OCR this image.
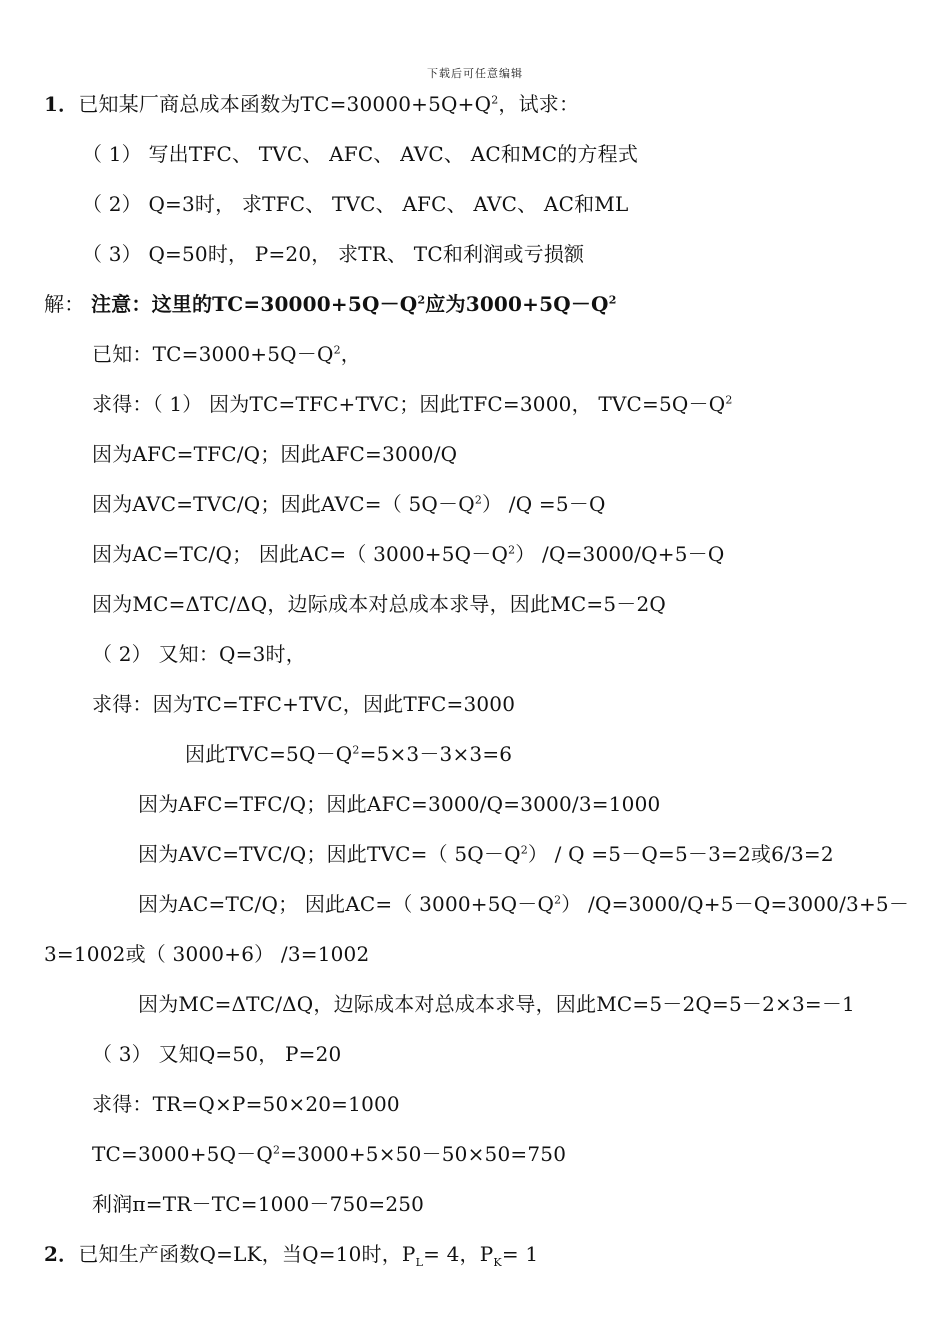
下载后可任意编辑
1．已知某厂商总成本函数为$TC=30000+5Q+Q^2$，试求：
（ 1） 写出TFC、 TVC、 AFC、 AVC、 AC和MC的方程式
（ 2） Q=3时， 求TFC、 TVC、 AFC、 AVC、 AC和ML
（ 3） Q=50时， P=20， 求TR、 TC和利润或亏损额
解： 注意：这里的$TC=30000+5Q-Q^2$应为$3000+5Q-Q^2$
已知：$TC=3000+5Q-Q^2$，
求得：（ 1） 因为TC=TFC+TVC；因此TFC=3000， $TVC=5Q-Q^2$
因为AFC=TFC/Q；因此AFC=3000/Q
因为AVC=TVC/Q；因此AVC=（ $5Q-Q^2$） /Q =5－Q
因为AC=TC/Q； 因此AC=（ $3000+5Q-Q^2$） /Q=3000/Q+5－Q
因为MC=ΔTC/ΔQ，边际成本对总成本求导，因此MC=5－2Q
（ 2） 又知：Q=3时，
求得：因为TC=TFC+TVC，因此TFC=3000
因此$TVC=5Q-Q^2=5\times 3-3\times 3=6$
因为AFC=TFC/Q；因此AFC=3000/Q=3000/3=1000
因为AVC=TVC/Q；因此TVC=（ $5Q-Q^2) / Q =5-Q=5-3=2$或6/3=2
因为AC=TC/Q； 因此AC=（ $3000+5Q-Q^2$） /Q=3000/Q+5－Q=3000/3+5－
3=1002或（ 3000+6） /3=1002
因为MC=ΔTC/ΔQ，边际成本对总成本求导，因此MC=5－2Q=5－2×3=－1
（ 3） 又知Q=50， P=20
求得：TR=Q×P=50×20=1000
$TC=3000+5Q-Q^2=3000+5\times 50-50\times 50=750$
利润π=TR－TC=1000－750=250
2．已知生产函数Q=LK，当Q=10时，$P_L= 4$，$P_K= 1$
